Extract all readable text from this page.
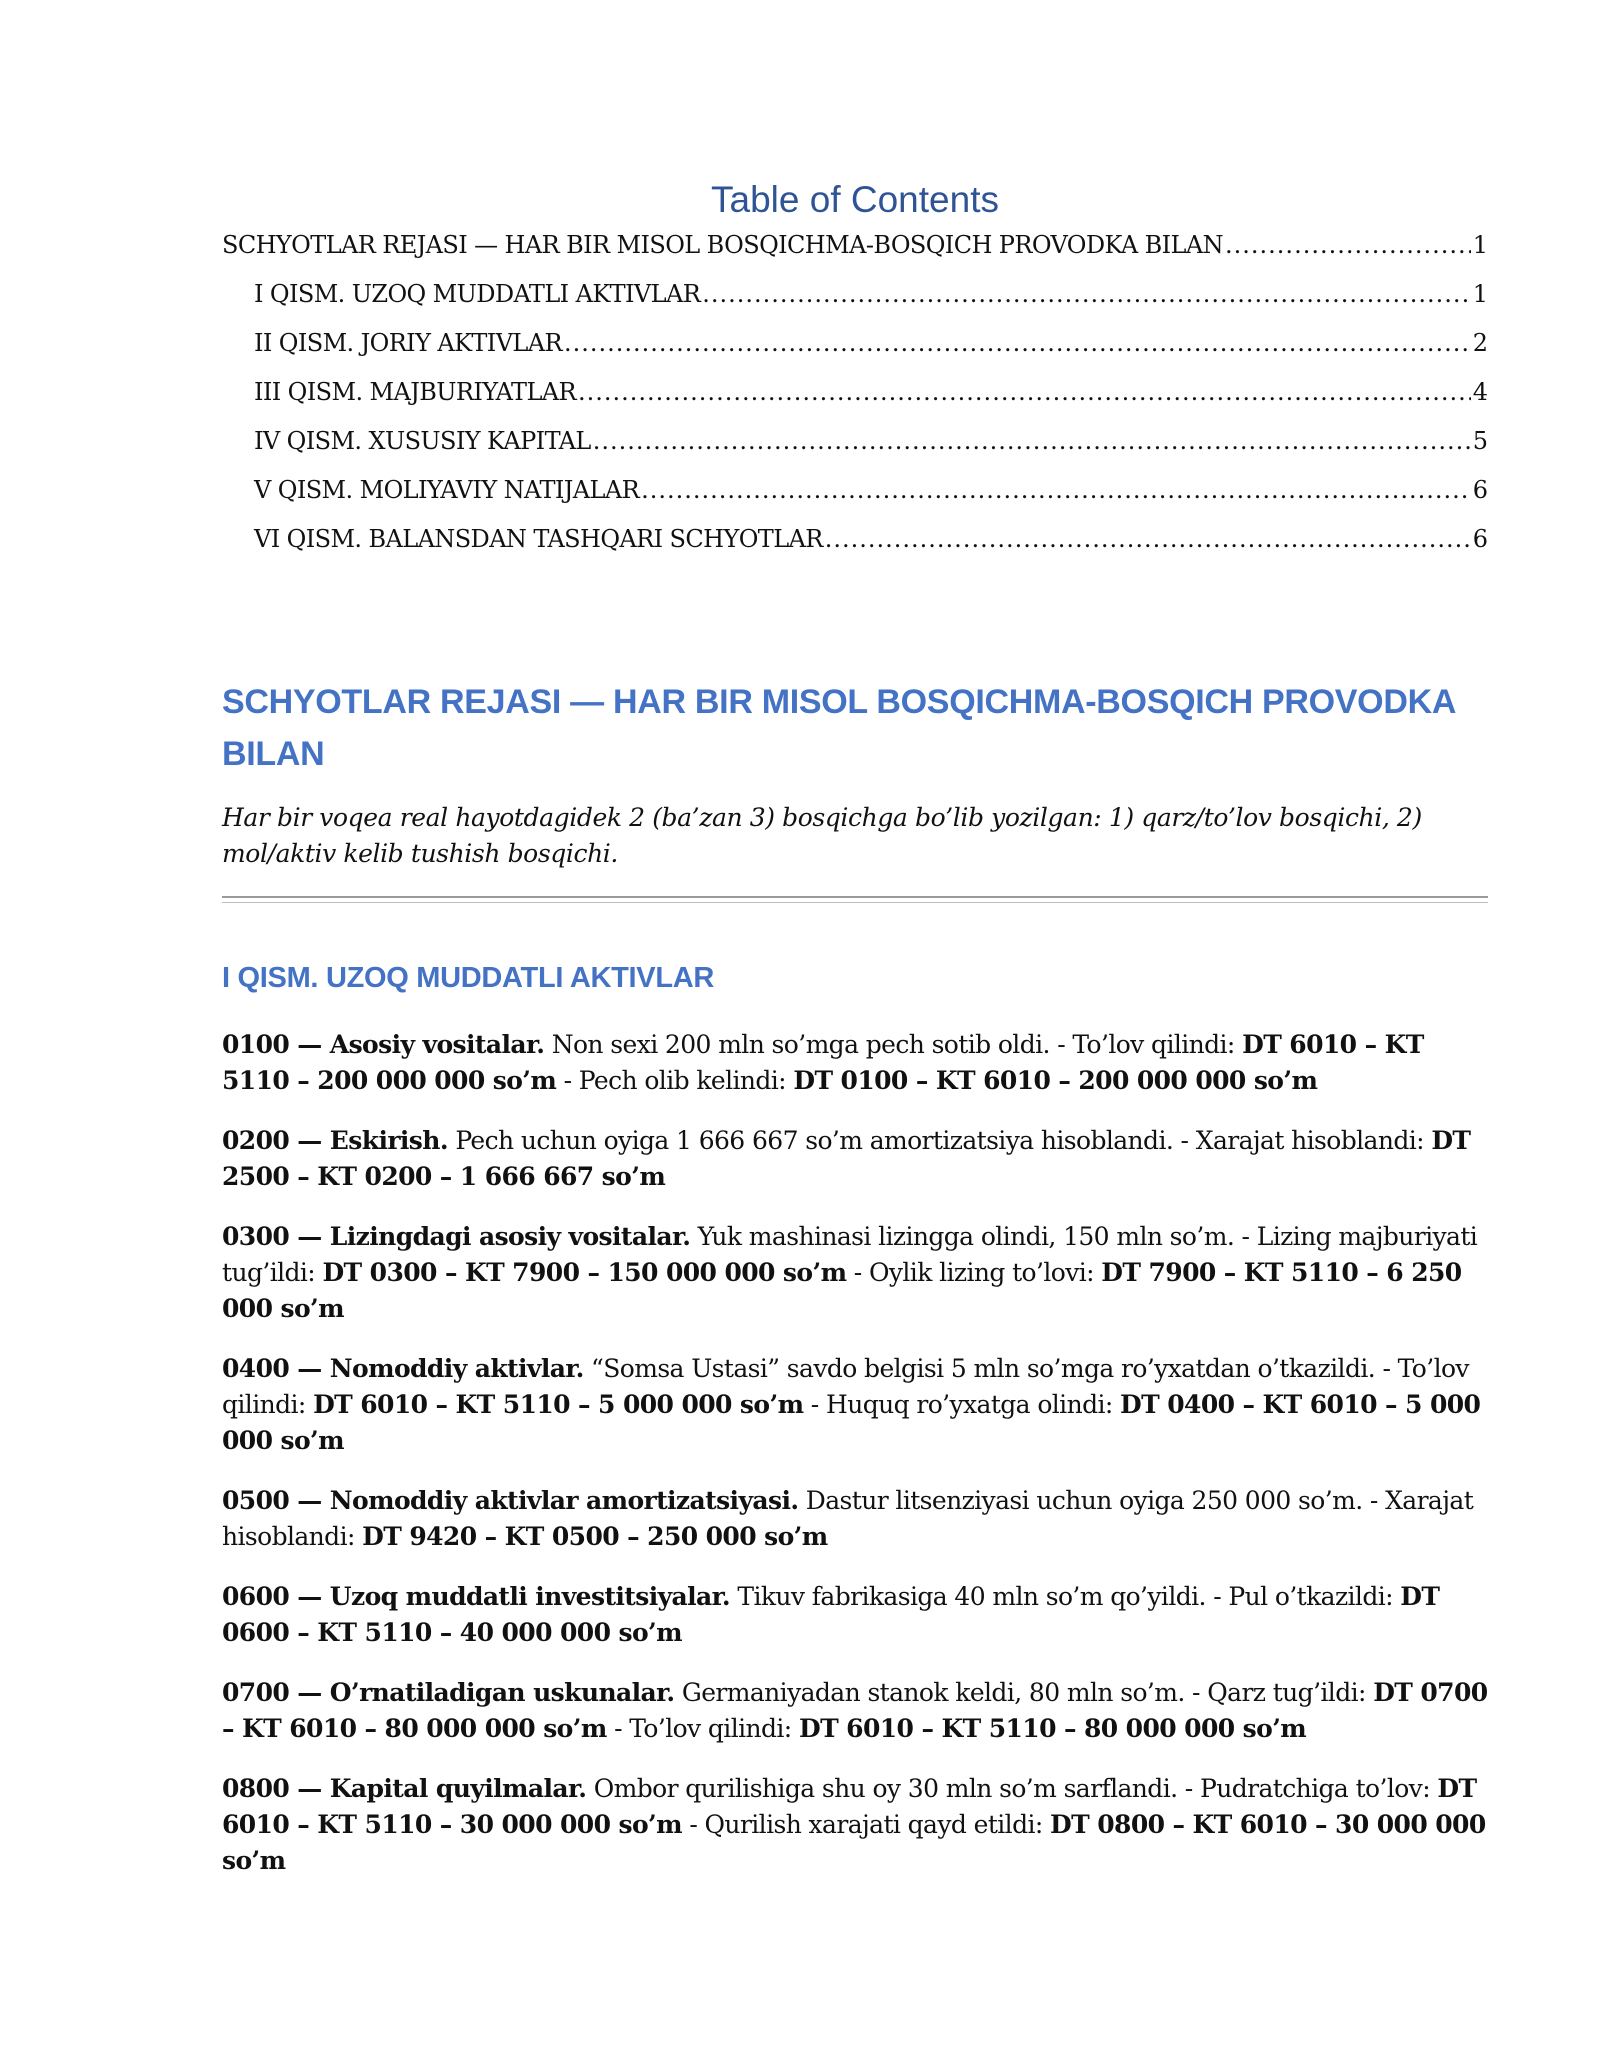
Table of Contents
SCHYOTLAR REJASI — HAR BIR MISOL BOSQICHMA-BOSQICH PROVODKA BILAN .....	1
I QISM. UZOQ MUDDATLI AKTIVLAR .....	1
II QISM. JORIY AKTIVLAR .....	2
III QISM. MAJBURIYATLAR .....	4
IV QISM. XUSUSIY KAPITAL .....	5
V QISM. MOLIYAVIY NATIJALAR .....	6
VI QISM. BALANSDAN TASHQARI SCHYOTLAR .....	6
SCHYOTLAR REJASI — HAR BIR MISOL BOSQICHMA-BOSQICH PROVODKA BILAN
Har bir voqea real hayotdagidek 2 (ba’zan 3) bosqichga bo’lib yozilgan: 1) qarz/to’lov bosqichi, 2) mol/aktiv kelib tushish bosqichi.
I QISM. UZOQ MUDDATLI AKTIVLAR

0100 — Asosiy vositalar. Non sexi 200 mln so’mga pech sotib oldi. - To’lov qilindi: DT 6010 – KT 5110 – 200 000 000 so’m - Pech olib kelindi: DT 0100 – KT 6010 – 200 000 000 so’m

0200 — Eskirish. Pech uchun oyiga 1 666 667 so’m amortizatsiya hisoblandi. - Xarajat hisoblandi: DT 2500 – KT 0200 – 1 666 667 so’m

0300 — Lizingdagi asosiy vositalar. Yuk mashinasi lizingga olindi, 150 mln so’m. - Lizing majburiyati tug’ildi: DT 0300 – KT 7900 – 150 000 000 so’m - Oylik lizing to’lovi: DT 7900 – KT 5110 – 6 250 000 so’m

0400 — Nomoddiy aktivlar. “Somsa Ustasi” savdo belgisi 5 mln so’mga ro’yxatdan o’tkazildi. - To’lov qilindi: DT 6010 – KT 5110 – 5 000 000 so’m - Huquq ro’yxatga olindi: DT 0400 – KT 6010 – 5 000 000 so’m

0500 — Nomoddiy aktivlar amortizatsiyasi. Dastur litsenziyasi uchun oyiga 250 000 so’m. - Xarajat hisoblandi: DT 9420 – KT 0500 – 250 000 so’m

0600 — Uzoq muddatli investitsiyalar. Tikuv fabrikasiga 40 mln so’m qo’yildi. - Pul o’tkazildi: DT 0600 – KT 5110 – 40 000 000 so’m

0700 — O’rnatiladigan uskunalar. Germaniyadan stanok keldi, 80 mln so’m. - Qarz tug’ildi: DT 0700 – KT 6010 – 80 000 000 so’m - To’lov qilindi: DT 6010 – KT 5110 – 80 000 000 so’m

0800 — Kapital quyilmalar. Ombor qurilishiga shu oy 30 mln so’m sarflandi. - Pudratchiga to’lov: DT 6010 – KT 5110 – 30 000 000 so’m - Qurilish xarajati qayd etildi: DT 0800 – KT 6010 – 30 000 000 so’m
